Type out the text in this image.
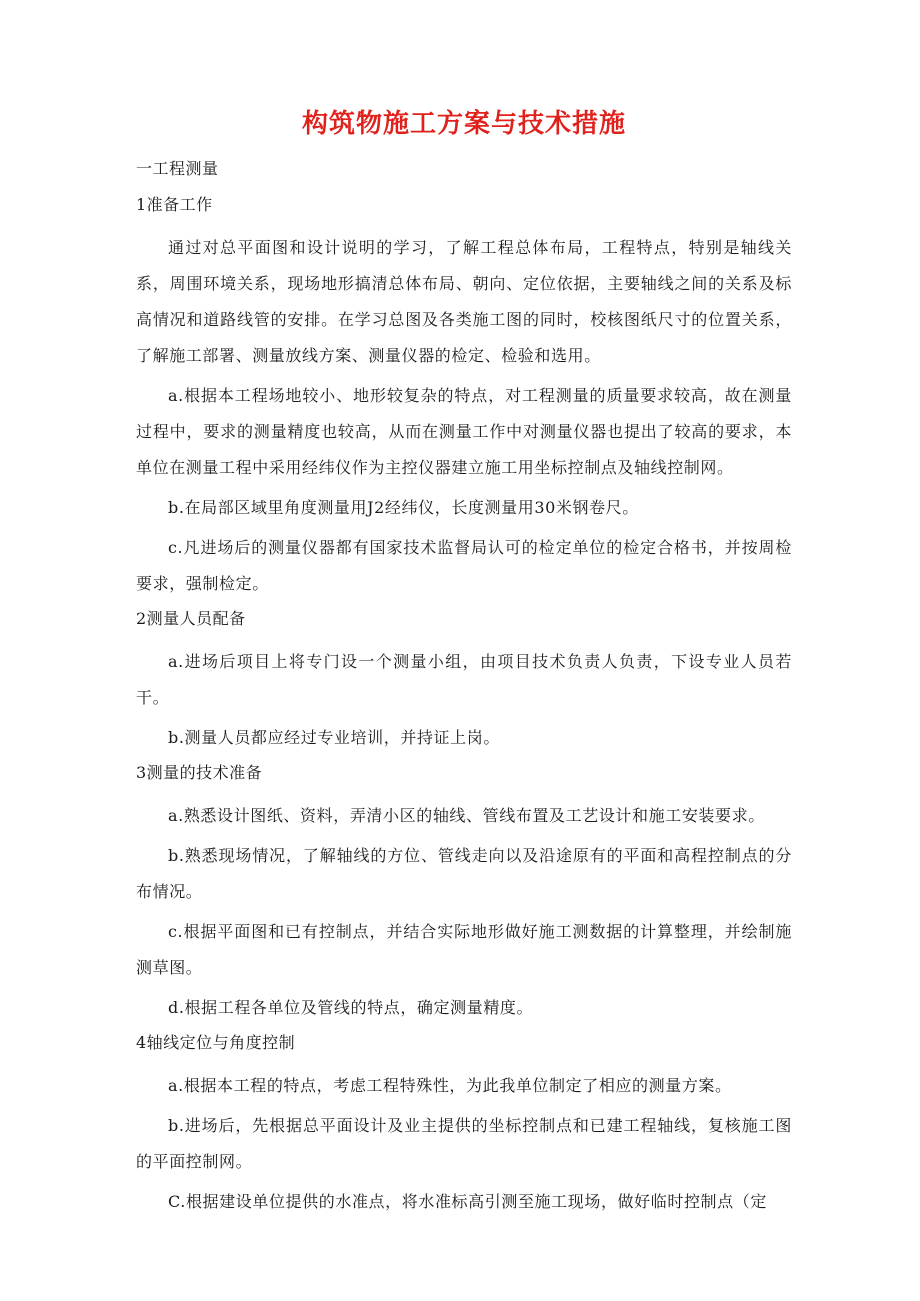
构筑物施工方案与技术措施
一工程测量
1准备工作

通过对总平面图和设计说明的学习，了解工程总体布局，工程特点，特别是轴线关系，周围环境关系，现场地形搞清总体布局、朝向、定位依据，主要轴线之间的关系及标高情况和道路线管的安排。在学习总图及各类施工图的同时，校核图纸尺寸的位置关系，了解施工部署、测量放线方案、测量仪器的检定、检验和选用。

a.根据本工程场地较小、地形较复杂的特点，对工程测量的质量要求较高，故在测量过程中，要求的测量精度也较高，从而在测量工作中对测量仪器也提出了较高的要求，本单位在测量工程中采用经纬仪作为主控仪器建立施工用坐标控制点及轴线控制网。

b.在局部区域里角度测量用J2经纬仪，长度测量用30米钢卷尺。

c.凡进场后的测量仪器都有国家技术监督局认可的检定单位的检定合格书，并按周检要求，强制检定。

2测量人员配备

a.进场后项目上将专门设一个测量小组，由项目技术负责人负责，下设专业人员若干。

b.测量人员都应经过专业培训，并持证上岗。

3测量的技术准备

a.熟悉设计图纸、资料，弄清小区的轴线、管线布置及工艺设计和施工安装要求。

b.熟悉现场情况，了解轴线的方位、管线走向以及沿途原有的平面和高程控制点的分布情况。

c.根据平面图和已有控制点，并结合实际地形做好施工测数据的计算整理，并绘制施测草图。

d.根据工程各单位及管线的特点，确定测量精度。

4轴线定位与角度控制

a.根据本工程的特点，考虑工程特殊性，为此我单位制定了相应的测量方案。

b.进场后，先根据总平面设计及业主提供的坐标控制点和已建工程轴线，复核施工图的平面控制网。

C.根据建设单位提供的水准点，将水准标高引测至施工现场，做好临时控制点（定
